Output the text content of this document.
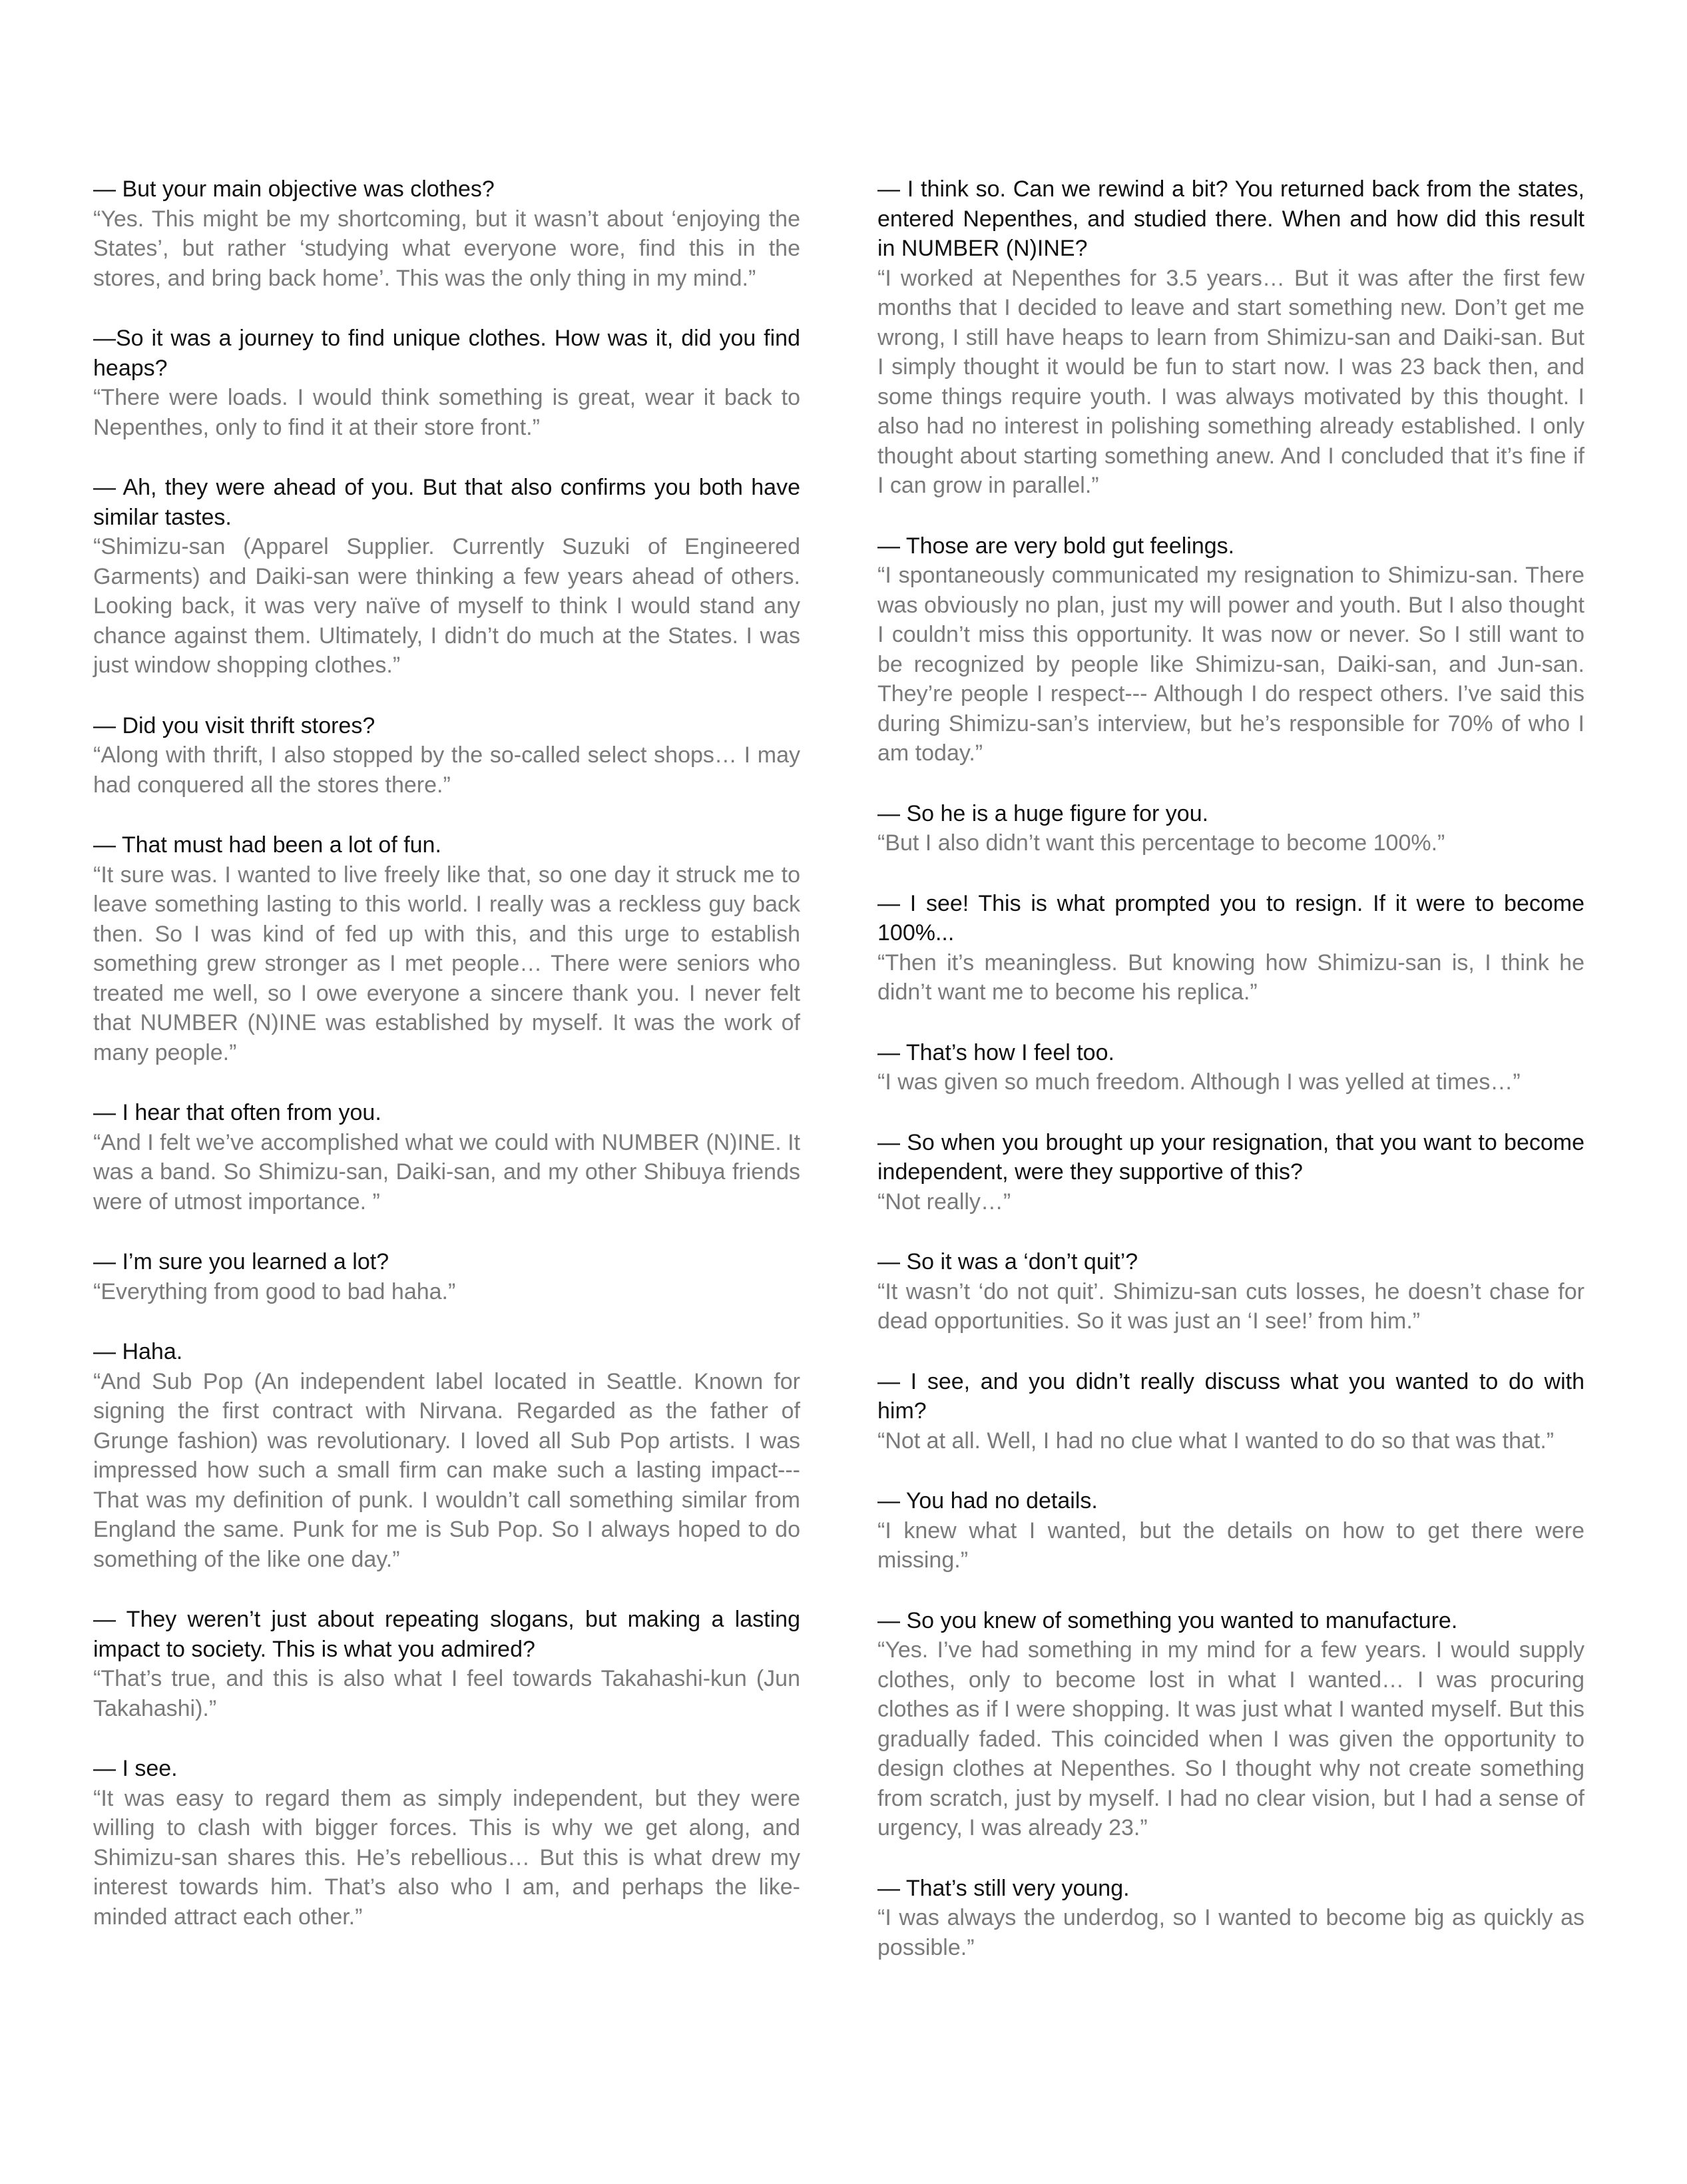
— But your main objective was clothes?

“Yes. This might be my shortcoming, but it wasn’t about ‘enjoying the States’, but rather ‘studying what everyone wore, find this in the stores, and bring back home’. This was the only thing in my mind.”

—So it was a journey to find unique clothes. How was it, did you find heaps?

“There were loads. I would think something is great, wear it back to Nepenthes, only to find it at their store front.”

— Ah, they were ahead of you. But that also confirms you both have similar tastes.

“Shimizu-san (Apparel Supplier. Currently Suzuki of Engineered Garments) and Daiki-san were thinking a few years ahead of others. Looking back, it was very naïve of myself to think I would stand any chance against them. Ultimately, I didn’t do much at the States. I was just window shopping clothes.”

— Did you visit thrift stores?

“Along with thrift, I also stopped by the so-called select shops… I may had conquered all the stores there.”

— That must had been a lot of fun.

“It sure was. I wanted to live freely like that, so one day it struck me to leave something lasting to this world. I really was a reckless guy back then. So I was kind of fed up with this, and this urge to establish something grew stronger as I met people… There were seniors who treated me well, so I owe everyone a sincere thank you. I never felt that NUMBER (N)INE was established by myself. It was the work of many people.”

— I hear that often from you.

“And I felt we’ve accomplished what we could with NUMBER (N)INE. It was a band. So Shimizu-san, Daiki-san, and my other Shibuya friends were of utmost importance. ”

— I’m sure you learned a lot?

“Everything from good to bad haha.”

— Haha.

“And Sub Pop (An independent label located in Seattle. Known for signing the first contract with Nirvana. Regarded as the father of Grunge fashion) was revolutionary. I loved all Sub Pop artists. I was impressed how such a small firm can make such a lasting impact--- That was my definition of punk. I wouldn’t call something similar from England the same. Punk for me is Sub Pop. So I always hoped to do something of the like one day.”

— They weren’t just about repeating slogans, but making a lasting impact to society. This is what you admired?

“That’s true, and this is also what I feel towards Takahashi-kun (Jun Takahashi).”

— I see.

“It was easy to regard them as simply independent, but they were willing to clash with bigger forces. This is why we get along, and Shimizu-san shares this. He’s rebellious… But this is what drew my interest towards him. That’s also who I am, and perhaps the like-minded attract each other.”

— I think so. Can we rewind a bit? You returned back from the states, entered Nepenthes, and studied there. When and how did this result in NUMBER (N)INE?

“I worked at Nepenthes for 3.5 years… But it was after the first few months that I decided to leave and start something new. Don’t get me wrong, I still have heaps to learn from Shimizu-san and Daiki-san. But I simply thought it would be fun to start now. I was 23 back then, and some things require youth. I was always motivated by this thought. I also had no interest in polishing something already established. I only thought about starting something anew. And I concluded that it’s fine if I can grow in parallel.”

— Those are very bold gut feelings.

“I spontaneously communicated my resignation to Shimizu-san. There was obviously no plan, just my will power and youth. But I also thought I couldn’t miss this opportunity. It was now or never. So I still want to be recognized by people like Shimizu-san, Daiki-san, and Jun-san. They’re people I respect--- Although I do respect others. I’ve said this during Shimizu-san’s interview, but he’s responsible for 70% of who I am today.”

— So he is a huge figure for you.

“But I also didn’t want this percentage to become 100%.”

— I see! This is what prompted you to resign. If it were to become 100%...

“Then it’s meaningless. But knowing how Shimizu-san is, I think he didn’t want me to become his replica.”

— That’s how I feel too.

“I was given so much freedom. Although I was yelled at times…”

— So when you brought up your resignation, that you want to become independent, were they supportive of this?

“Not really…”

— So it was a ‘don’t quit’?

“It wasn’t ‘do not quit’. Shimizu-san cuts losses, he doesn’t chase for dead opportunities. So it was just an ‘I see!’ from him.”

— I see, and you didn’t really discuss what you wanted to do with him?

“Not at all. Well, I had no clue what I wanted to do so that was that.”

— You had no details.

“I knew what I wanted, but the details on how to get there were missing.”

— So you knew of something you wanted to manufacture.

“Yes. I’ve had something in my mind for a few years. I would supply clothes, only to become lost in what I wanted… I was procuring clothes as if I were shopping. It was just what I wanted myself. But this gradually faded. This coincided when I was given the opportunity to design clothes at Nepenthes. So I thought why not create something from scratch, just by myself. I had no clear vision, but I had a sense of urgency, I was already 23.”

— That’s still very young.

“I was always the underdog, so I wanted to become big as quickly as possible.”
